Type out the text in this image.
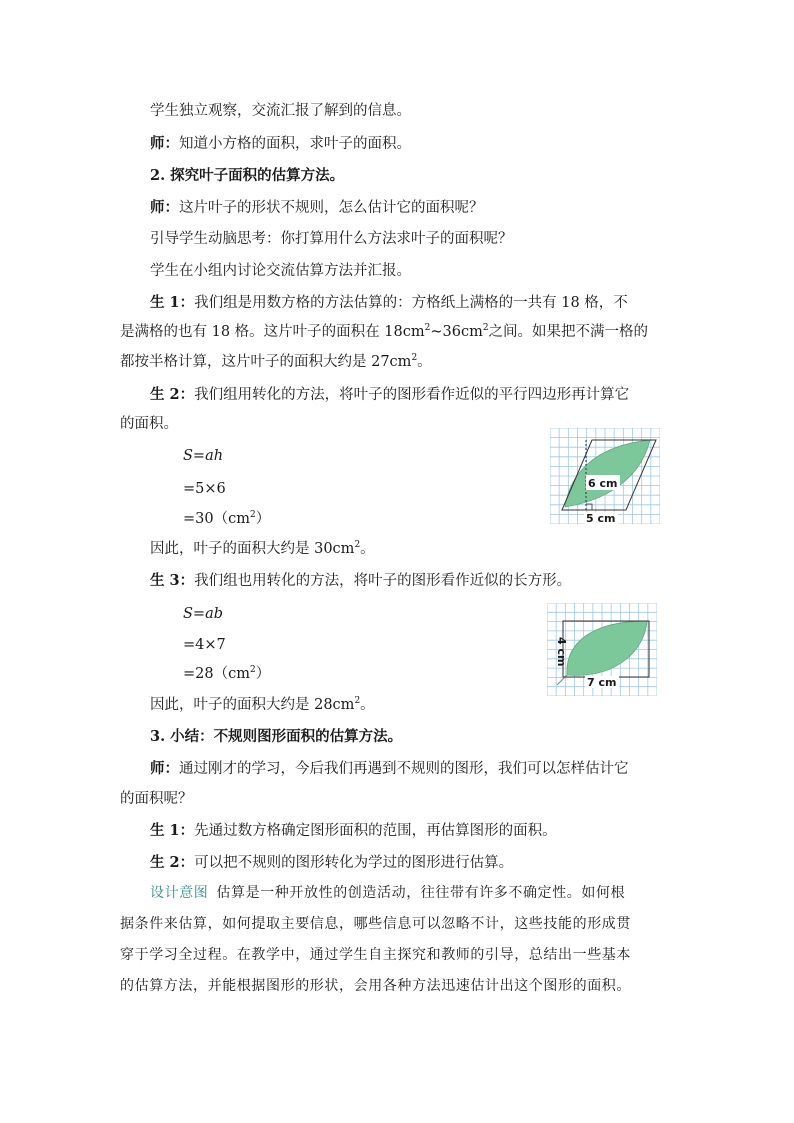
学生独立观察，交流汇报了解到的信息。
师：知道小方格的面积，求叶子的面积。
2. 探究叶子面积的估算方法。
师：这片叶子的形状不规则，怎么估计它的面积呢？
引导学生动脑思考：你打算用什么方法求叶子的面积呢？
学生在小组内讨论交流估算方法并汇报。
生 1：我们组是用数方格的方法估算的：方格纸上满格的一共有 18 格，不
是满格的也有 18 格。这片叶子的面积在 $18cm^2\sim 36cm^2$之间。如果把不满一格的
都按半格计算，这片叶子的面积大约是 $27cm^2$。
生 2：我们组用转化的方法，将叶子的图形看作近似的平行四边形再计算它
的面积。
S=ah
=5×6
$=30(cm^2)$
因此，叶子的面积大约是 $30cm^2$。
生 3：我们组也用转化的方法，将叶子的图形看作近似的长方形。
S=ab
=4×7
$=28(cm^2)$
因此，叶子的面积大约是 $28cm^2$。
3. 小结：不规则图形面积的估算方法。
师：通过刚才的学习，今后我们再遇到不规则的图形，我们可以怎样估计它
的面积呢？
生 1：先通过数方格确定图形面积的范围，再估算图形的面积。
生 2：可以把不规则的图形转化为学过的图形进行估算。
设计意图 估算是一种开放性的创造活动，往往带有许多不确定性。如何根
据条件来估算，如何提取主要信息，哪些信息可以忽略不计，这些技能的形成贯
穿于学习全过程。在教学中，通过学生自主探究和教师的引导，总结出一些基本
的估算方法，并能根据图形的形状，会用各种方法迅速估计出这个图形的面积。
6 cm
5 cm
7 cm
4 cm
